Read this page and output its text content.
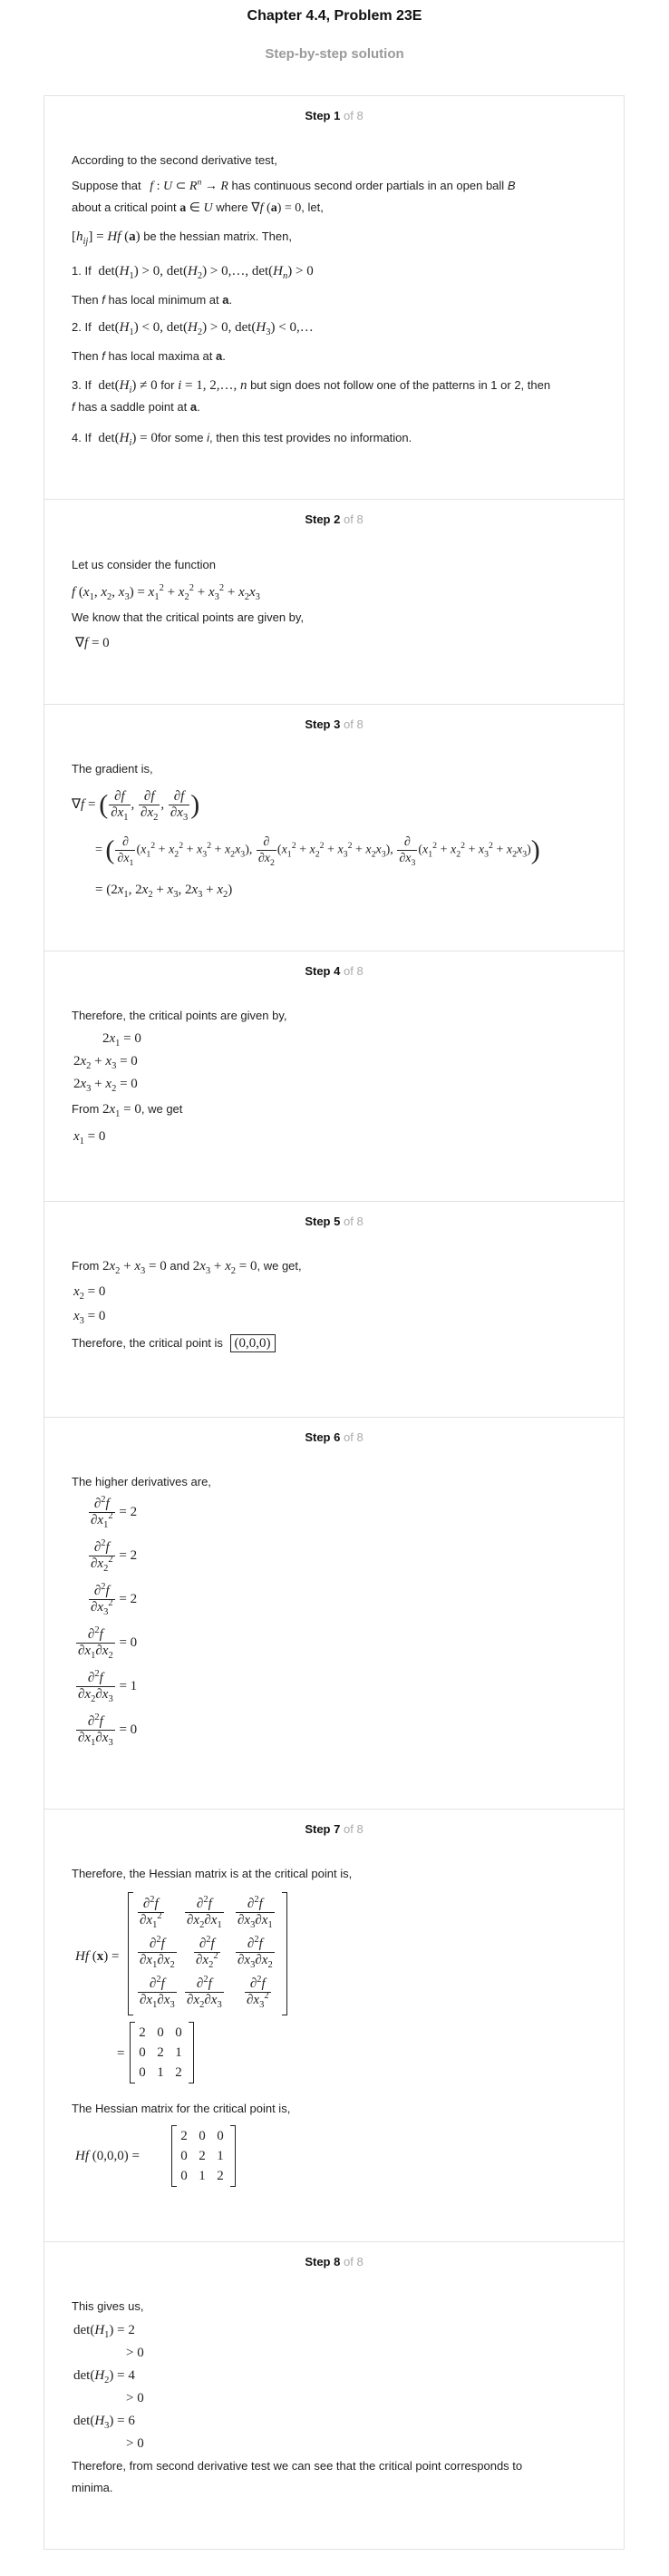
Chapter 4.4, Problem 23E
Step-by-step solution
Step 1 of 8
According to the second derivative test,
Suppose that f : U ⊂ $R^n \to R$ has continuous second order partials in an open ball B
about a critical point a ∈ U where ∇f (a) = 0, let,
$[h_{ij}] = Hf$ (a) be the hessian matrix. Then,
1. If $\det(H_1) > 0$, $\det(H_2)$ > 0,…, $\det(H_n) > 0$
Then f has local minimum at a.
2. If $\det(H_1) < 0$, $\det(H_2) > 0$, $\det(H_3)$ < 0,…
Then f has local maxima at a.
3. If $\det(H_i) \ne 0$ for i = 1, 2,…, n but sign does not follow one of the patterns in 1 or 2, then
f has a saddle point at a.
4. If $\det(H_i) = 0for$ some i, then this test provides no information.
Step 2 of 8
Let us consider the function
f ($x_1$, $x_2$, $x_3) = x_1^2 + x_2^2 + x_3^2 + x_2x_3$
We know that the critical points are given by,
∇f = 0
Step 3 of 8
The gradient is,
∇f = ( $\frac{\partial f}{\partial x_1}$ , $\frac{\partial f}{\partial x_2}$ , $\frac{\partial f}{\partial x_3}$ )
= ( $\frac{\partial}{\partial x_1} (x_1^2 + x_2^2 + x_3^2 + x_2x_3)$, $\frac{\partial}{\partial x_2} (x_1^2 + x_2^2 + x_3^2 + x_2x_3)$, $\frac{\partial}{\partial x_3} (x_1^2 + x_2^2 + x_3^2 + x_2x_3)$)
= ($2x_1$, $2x_2 + x_3$, $2x_3 + x_2$)
Step 4 of 8
Therefore, the critical points are given by,
$2x_1 = 0$
$2x_2 + x_3 = 0$
$2x_3 + x_2 = 0$
From $2x_1 = 0$, we get
$x_1 = 0$
Step 5 of 8
From $2x_2 + x_3 = 0$ and $2x_3 + x_2 = 0$, we get,
$x_2 = 0$
$x_3 = 0$
Therefore, the critical point is (0,0,0)
Step 6 of 8
The higher derivatives are,
$\frac{\partial^2f}{\partial x_1^2} = 2$
$\frac{\partial^2f}{\partial x_2^2} = 2$
$\frac{\partial^2f}{\partial x_3^2} = 2$
$\frac{\partial^2f}{\partial x_1\partial x_2} = 0$
$\frac{\partial^2f}{\partial x_2\partial x_3} = 1$
$\frac{\partial^2f}{\partial x_1\partial x_3} = 0$
Step 7 of 8
Therefore, the Hessian matrix is at the critical point is,
Hf (x) =
$\frac{\partial^2f}{\partial x_1^2} \frac{\partial^2f}{\partial x_2\partial x_1} \frac{\partial^2f}{\partial x_3\partial x_1}$
$\frac{\partial^2f}{\partial x_1\partial x_2} \frac{\partial^2f}{\partial x_2^2} \frac{\partial^2f}{\partial x_3\partial x_2}$
$\frac{\partial^2f}{\partial x_1\partial x_3} \frac{\partial^2f}{\partial x_2\partial x_3} \frac{\partial^2f}{\partial x_3^2}$
=
2 0 0
0 2 1
0 1 2
The Hessian matrix for the critical point is,
Hf (0,0,0) =
2 0 0
0 2 1
0 1 2
Step 8 of 8
This gives us,
$\det(H_1) = 2$
> 0
$\det(H_2) = 4$
> 0
$\det(H_3) = 6$
> 0
Therefore, from second derivative test we can see that the critical point corresponds to
minima.
